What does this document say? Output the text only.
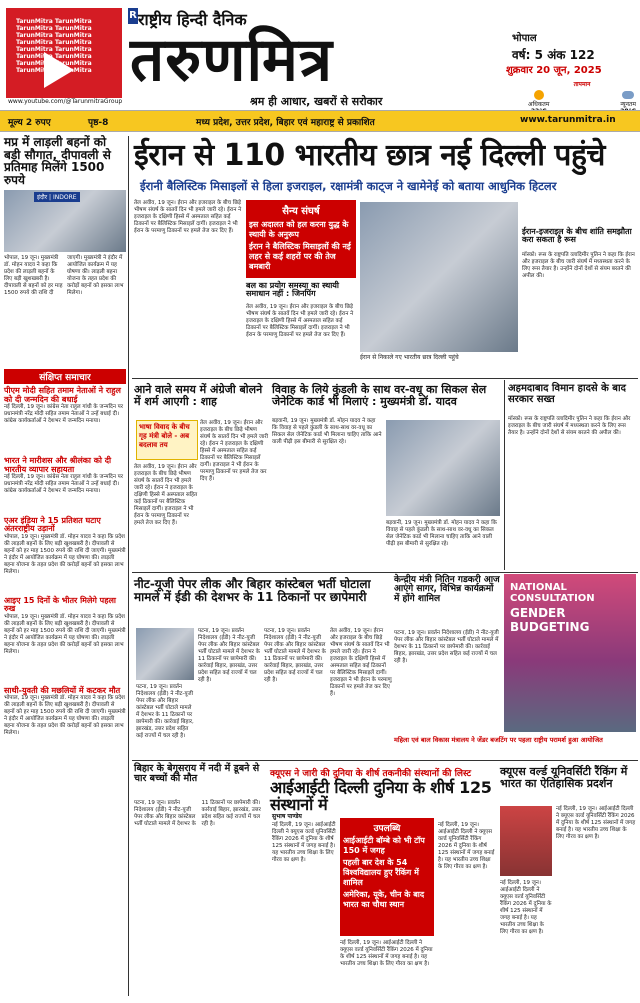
TarunMitra TarunMitra TarunMitra TarunMitra TarunMitra TarunMitra TarunMitra TarunMitra TarunMitra TarunMitra TarunMitra TarunMitra TarunMitra TarunMitra TarunMitra TarunMitra
www.youtube.com/@TarunmitraGroup
R राष्ट्रीय हिन्दी दैनिक
तरुणमित्र
श्रम ही आधार, खबरों से सरोकार
भोपाल
वर्ष: 5 अंक 122
शुक्रवार 20 जून, 2025
तापमान
अधिकतम	न्यूनतम
मूल्य 2 रुपए	पृष्ठ-8	मध्य प्रदेश, उत्तर प्रदेश, बिहार एवं महाराष्ट्र से प्रकाशित	www.tarunmitra.in
मप्र में लाड़ली बहनों को बड़ी सौगात, दीपावली से प्रतिमाह मिलेंगे 1500 रुपये
इंदौर | INDORE
भोपाल, 19 जून। मुख्यमंत्री डॉ. मोहन यादव ने कहा कि प्रदेश की लाड़ली बहनों के लिए बड़ी खुशखबरी है। दीपावली से बहनों को हर माह 1500 रुपये की राशि दी जाएगी। मुख्यमंत्री ने इंदौर में आयोजित कार्यक्रम में यह घोषणा की। लाड़ली बहना योजना के तहत प्रदेश की करोड़ों बहनों को इसका लाभ मिलेगा।
संक्षिप्त समाचार
पीएम मोदी सहित तमाम नेताओं ने राहुल को दी जन्मदिन की बधाई
नई दिल्ली, 19 जून। कांग्रेस नेता राहुल गांधी के जन्मदिन पर प्रधानमंत्री नरेंद्र मोदी सहित तमाम नेताओं ने उन्हें बधाई दी। कांग्रेस कार्यकर्ताओं ने देशभर में जन्मदिन मनाया।
भारत ने मारीशस और श्रीलंका को दी भारतीय व्यापार सहायता
नई दिल्ली, 19 जून। कांग्रेस नेता राहुल गांधी के जन्मदिन पर प्रधानमंत्री नरेंद्र मोदी सहित तमाम नेताओं ने उन्हें बधाई दी। कांग्रेस कार्यकर्ताओं ने देशभर में जन्मदिन मनाया।
एअर इंडिया ने 15 प्रतिशत घटाए अंतरराष्ट्रीय उड़ानों
भोपाल, 19 जून। मुख्यमंत्री डॉ. मोहन यादव ने कहा कि प्रदेश की लाड़ली बहनों के लिए बड़ी खुशखबरी है। दीपावली से बहनों को हर माह 1500 रुपये की राशि दी जाएगी। मुख्यमंत्री ने इंदौर में आयोजित कार्यक्रम में यह घोषणा की। लाड़ली बहना योजना के तहत प्रदेश की करोड़ों बहनों को इसका लाभ मिलेगा।
आइए 15 दिनों के भीतर मिलेगे पहला रुख
भोपाल, 19 जून। मुख्यमंत्री डॉ. मोहन यादव ने कहा कि प्रदेश की लाड़ली बहनों के लिए बड़ी खुशखबरी है। दीपावली से बहनों को हर माह 1500 रुपये की राशि दी जाएगी। मुख्यमंत्री ने इंदौर में आयोजित कार्यक्रम में यह घोषणा की। लाड़ली बहना योजना के तहत प्रदेश की करोड़ों बहनों को इसका लाभ मिलेगा।
साथी-युवती की मछलियों में कटकर मौत
भोपाल, 19 जून। मुख्यमंत्री डॉ. मोहन यादव ने कहा कि प्रदेश की लाड़ली बहनों के लिए बड़ी खुशखबरी है। दीपावली से बहनों को हर माह 1500 रुपये की राशि दी जाएगी। मुख्यमंत्री ने इंदौर में आयोजित कार्यक्रम में यह घोषणा की। लाड़ली बहना योजना के तहत प्रदेश की करोड़ों बहनों को इसका लाभ मिलेगा।
ईरान से 110 भारतीय छात्र नई दिल्ली पहुंचे
ईरानी बैलिस्टिक मिसाइलों से हिला इजराइल, रक्षामंत्री काट्ज ने खामेनेई को बताया आधुनिक हिटलर
तेल अवीव, 19 जून। ईरान और इजराइल के बीच छिड़े भीषण संघर्ष के सातवें दिन भी हमले जारी रहे। ईरान ने इजराइल के दक्षिणी हिस्से में अस्पताल सहित कई ठिकानों पर बैलिस्टिक मिसाइलें दागीं। इजराइल ने भी ईरान के परमाणु ठिकानों पर हमले तेज कर दिए हैं।
सैन्य संघर्ष
इस अदालत को हल करना युद्ध के स्थायी के अनुरूप
ईरान ने बैलिस्टिक मिसाइलों की नई लहर से कई शहरों पर की तेज बमबारी
बल का प्रयोग समस्या का स्थायी समाधान नहीं : जिनपिंग
तेल अवीव, 19 जून। ईरान और इजराइल के बीच छिड़े भीषण संघर्ष के सातवें दिन भी हमले जारी रहे। ईरान ने इजराइल के दक्षिणी हिस्से में अस्पताल सहित कई ठिकानों पर बैलिस्टिक मिसाइलें दागीं। इजराइल ने भी ईरान के परमाणु ठिकानों पर हमले तेज कर दिए हैं।
ईरान से निकाले गए भारतीय छात्र दिल्ली पहुंचे
ईरान-इजराइल के बीच शांति समझौता करा सकता है रूस
मॉस्को। रूस के राष्ट्रपति व्लादिमीर पुतिन ने कहा कि ईरान और इजराइल के बीच जारी संघर्ष में मध्यस्थता करने के लिए रूस तैयार है। उन्होंने दोनों देशों से संयम बरतने की अपील की।
आने वाले समय में अंग्रेजी बोलने में शर्म आएगी : शाह
भाषा विवाद के बीच गृह मंत्री बोले - अब बदलाव तय
तेल अवीव, 19 जून। ईरान और इजराइल के बीच छिड़े भीषण संघर्ष के सातवें दिन भी हमले जारी रहे। ईरान ने इजराइल के दक्षिणी हिस्से में अस्पताल सहित कई ठिकानों पर बैलिस्टिक मिसाइलें दागीं। इजराइल ने भी ईरान के परमाणु ठिकानों पर हमले तेज कर दिए हैं।
तेल अवीव, 19 जून। ईरान और इजराइल के बीच छिड़े भीषण संघर्ष के सातवें दिन भी हमले जारी रहे। ईरान ने इजराइल के दक्षिणी हिस्से में अस्पताल सहित कई ठिकानों पर बैलिस्टिक मिसाइलें दागीं। इजराइल ने भी ईरान के परमाणु ठिकानों पर हमले तेज कर दिए हैं।
विवाह के लिये कुंडली के साथ वर-वधू का सिकल सेल जेनेटिक कार्ड भी मिलाएं : मुख्यमंत्री डॉ. यादव
बड़वानी, 19 जून। मुख्यमंत्री डॉ. मोहन यादव ने कहा कि विवाह से पहले कुंडली के साथ-साथ वर-वधू का सिकल सेल जेनेटिक कार्ड भी मिलाना चाहिए ताकि आने वाली पीढ़ी इस बीमारी से सुरक्षित रहे।
बड़वानी, 19 जून। मुख्यमंत्री डॉ. मोहन यादव ने कहा कि विवाह से पहले कुंडली के साथ-साथ वर-वधू का सिकल सेल जेनेटिक कार्ड भी मिलाना चाहिए ताकि आने वाली पीढ़ी इस बीमारी से सुरक्षित रहे।
अहमदाबाद विमान हादसे के बाद सरकार सख्त
मॉस्को। रूस के राष्ट्रपति व्लादिमीर पुतिन ने कहा कि ईरान और इजराइल के बीच जारी संघर्ष में मध्यस्थता करने के लिए रूस तैयार है। उन्होंने दोनों देशों से संयम बरतने की अपील की।
नीट-यूजी पेपर लीक और बिहार कांस्टेबल भर्ती घोटाला मामले में ईडी की देशभर के 11 ठिकानों पर छापेमारी
पटना, 19 जून। प्रवर्तन निदेशालय (ईडी) ने नीट-यूजी पेपर लीक और बिहार कांस्टेबल भर्ती घोटाले मामले में देशभर के 11 ठिकानों पर छापेमारी की। कार्रवाई बिहार, झारखंड, उत्तर प्रदेश सहित कई राज्यों में चल रही है।
पटना, 19 जून। प्रवर्तन निदेशालय (ईडी) ने नीट-यूजी पेपर लीक और बिहार कांस्टेबल भर्ती घोटाले मामले में देशभर के 11 ठिकानों पर छापेमारी की। कार्रवाई बिहार, झारखंड, उत्तर प्रदेश सहित कई राज्यों में चल रही है।
पटना, 19 जून। प्रवर्तन निदेशालय (ईडी) ने नीट-यूजी पेपर लीक और बिहार कांस्टेबल भर्ती घोटाले मामले में देशभर के 11 ठिकानों पर छापेमारी की। कार्रवाई बिहार, झारखंड, उत्तर प्रदेश सहित कई राज्यों में चल रही है।
तेल अवीव, 19 जून। ईरान और इजराइल के बीच छिड़े भीषण संघर्ष के सातवें दिन भी हमले जारी रहे। ईरान ने इजराइल के दक्षिणी हिस्से में अस्पताल सहित कई ठिकानों पर बैलिस्टिक मिसाइलें दागीं। इजराइल ने भी ईरान के परमाणु ठिकानों पर हमले तेज कर दिए हैं।
केन्द्रीय मंत्री नितिन गडकरी आज आएंगे सागर, विभिन्न कार्यक्रमों में होंगे शामिल
पटना, 19 जून। प्रवर्तन निदेशालय (ईडी) ने नीट-यूजी पेपर लीक और बिहार कांस्टेबल भर्ती घोटाले मामले में देशभर के 11 ठिकानों पर छापेमारी की। कार्रवाई बिहार, झारखंड, उत्तर प्रदेश सहित कई राज्यों में चल रही है।
NATIONAL CONSULTATION
GENDER BUDGETING
महिला एवं बाल विकास मंत्रालय ने जेंडर बजटिंग पर पहला राष्ट्रीय परामर्श हुआ आयोजित
बिहार के बेगूसराय में नदी में डूबने से चार बच्चों की मौत
पटना, 19 जून। प्रवर्तन निदेशालय (ईडी) ने नीट-यूजी पेपर लीक और बिहार कांस्टेबल भर्ती घोटाले मामले में देशभर के 11 ठिकानों पर छापेमारी की। कार्रवाई बिहार, झारखंड, उत्तर प्रदेश सहित कई राज्यों में चल रही है।
क्यूएस ने जारी की दुनिया के शीर्ष तकनीकी संस्थानों की लिस्ट
आईआईटी दिल्ली दुनिया के शीर्ष 125 संस्थानों में
सुभाष पाण्डेय
नई दिल्ली, 19 जून। आईआईटी दिल्ली ने क्यूएस वर्ल्ड यूनिवर्सिटी रैंकिंग 2026 में दुनिया के शीर्ष 125 संस्थानों में जगह बनाई है। यह भारतीय उच्च शिक्षा के लिए गौरव का क्षण है।
उपलब्धि
आईआईटी बॉम्बे को भी टॉप 150 में जगह
पहली बार देश के 54 विश्वविद्यालय हुए रैंकिंग में शामिल
अमेरिका, यूके, चीन के बाद भारत का चौथा स्थान
नई दिल्ली, 19 जून। आईआईटी दिल्ली ने क्यूएस वर्ल्ड यूनिवर्सिटी रैंकिंग 2026 में दुनिया के शीर्ष 125 संस्थानों में जगह बनाई है। यह भारतीय उच्च शिक्षा के लिए गौरव का क्षण है।
नई दिल्ली, 19 जून। आईआईटी दिल्ली ने क्यूएस वर्ल्ड यूनिवर्सिटी रैंकिंग 2026 में दुनिया के शीर्ष 125 संस्थानों में जगह बनाई है। यह भारतीय उच्च शिक्षा के लिए गौरव का क्षण है।
क्यूएस वर्ल्ड यूनिवर्सिटी रैंकिंग में भारत का ऐतिहासिक प्रदर्शन
नई दिल्ली, 19 जून। आईआईटी दिल्ली ने क्यूएस वर्ल्ड यूनिवर्सिटी रैंकिंग 2026 में दुनिया के शीर्ष 125 संस्थानों में जगह बनाई है। यह भारतीय उच्च शिक्षा के लिए गौरव का क्षण है।
नई दिल्ली, 19 जून। आईआईटी दिल्ली ने क्यूएस वर्ल्ड यूनिवर्सिटी रैंकिंग 2026 में दुनिया के शीर्ष 125 संस्थानों में जगह बनाई है। यह भारतीय उच्च शिक्षा के लिए गौरव का क्षण है।
